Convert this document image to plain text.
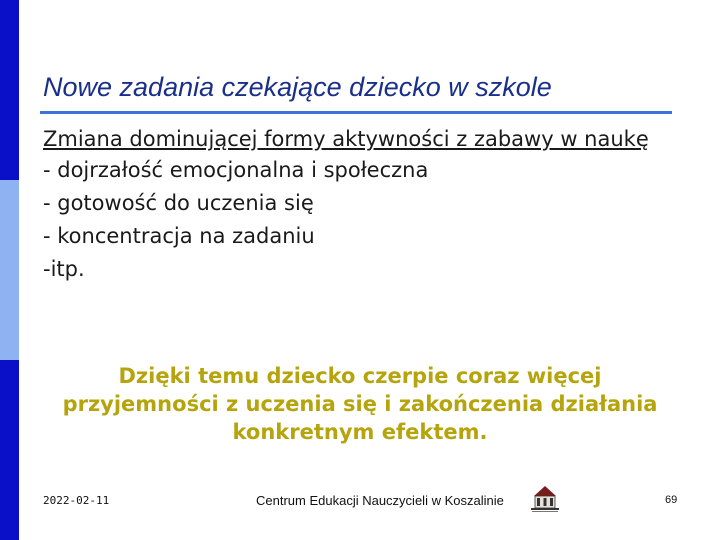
Nowe zadania czekające dziecko w szkole
Zmiana dominującej formy aktywności z zabawy w naukę
- dojrzałość emocjonalna i społeczna
- gotowość do uczenia się
- koncentracja na zadaniu
-itp.
Dzięki temu dziecko czerpie coraz więcej przyjemności z uczenia się i zakończenia działania konkretnym efektem.
2022-02-11	Centrum Edukacji Nauczycieli w Koszalinie	69
